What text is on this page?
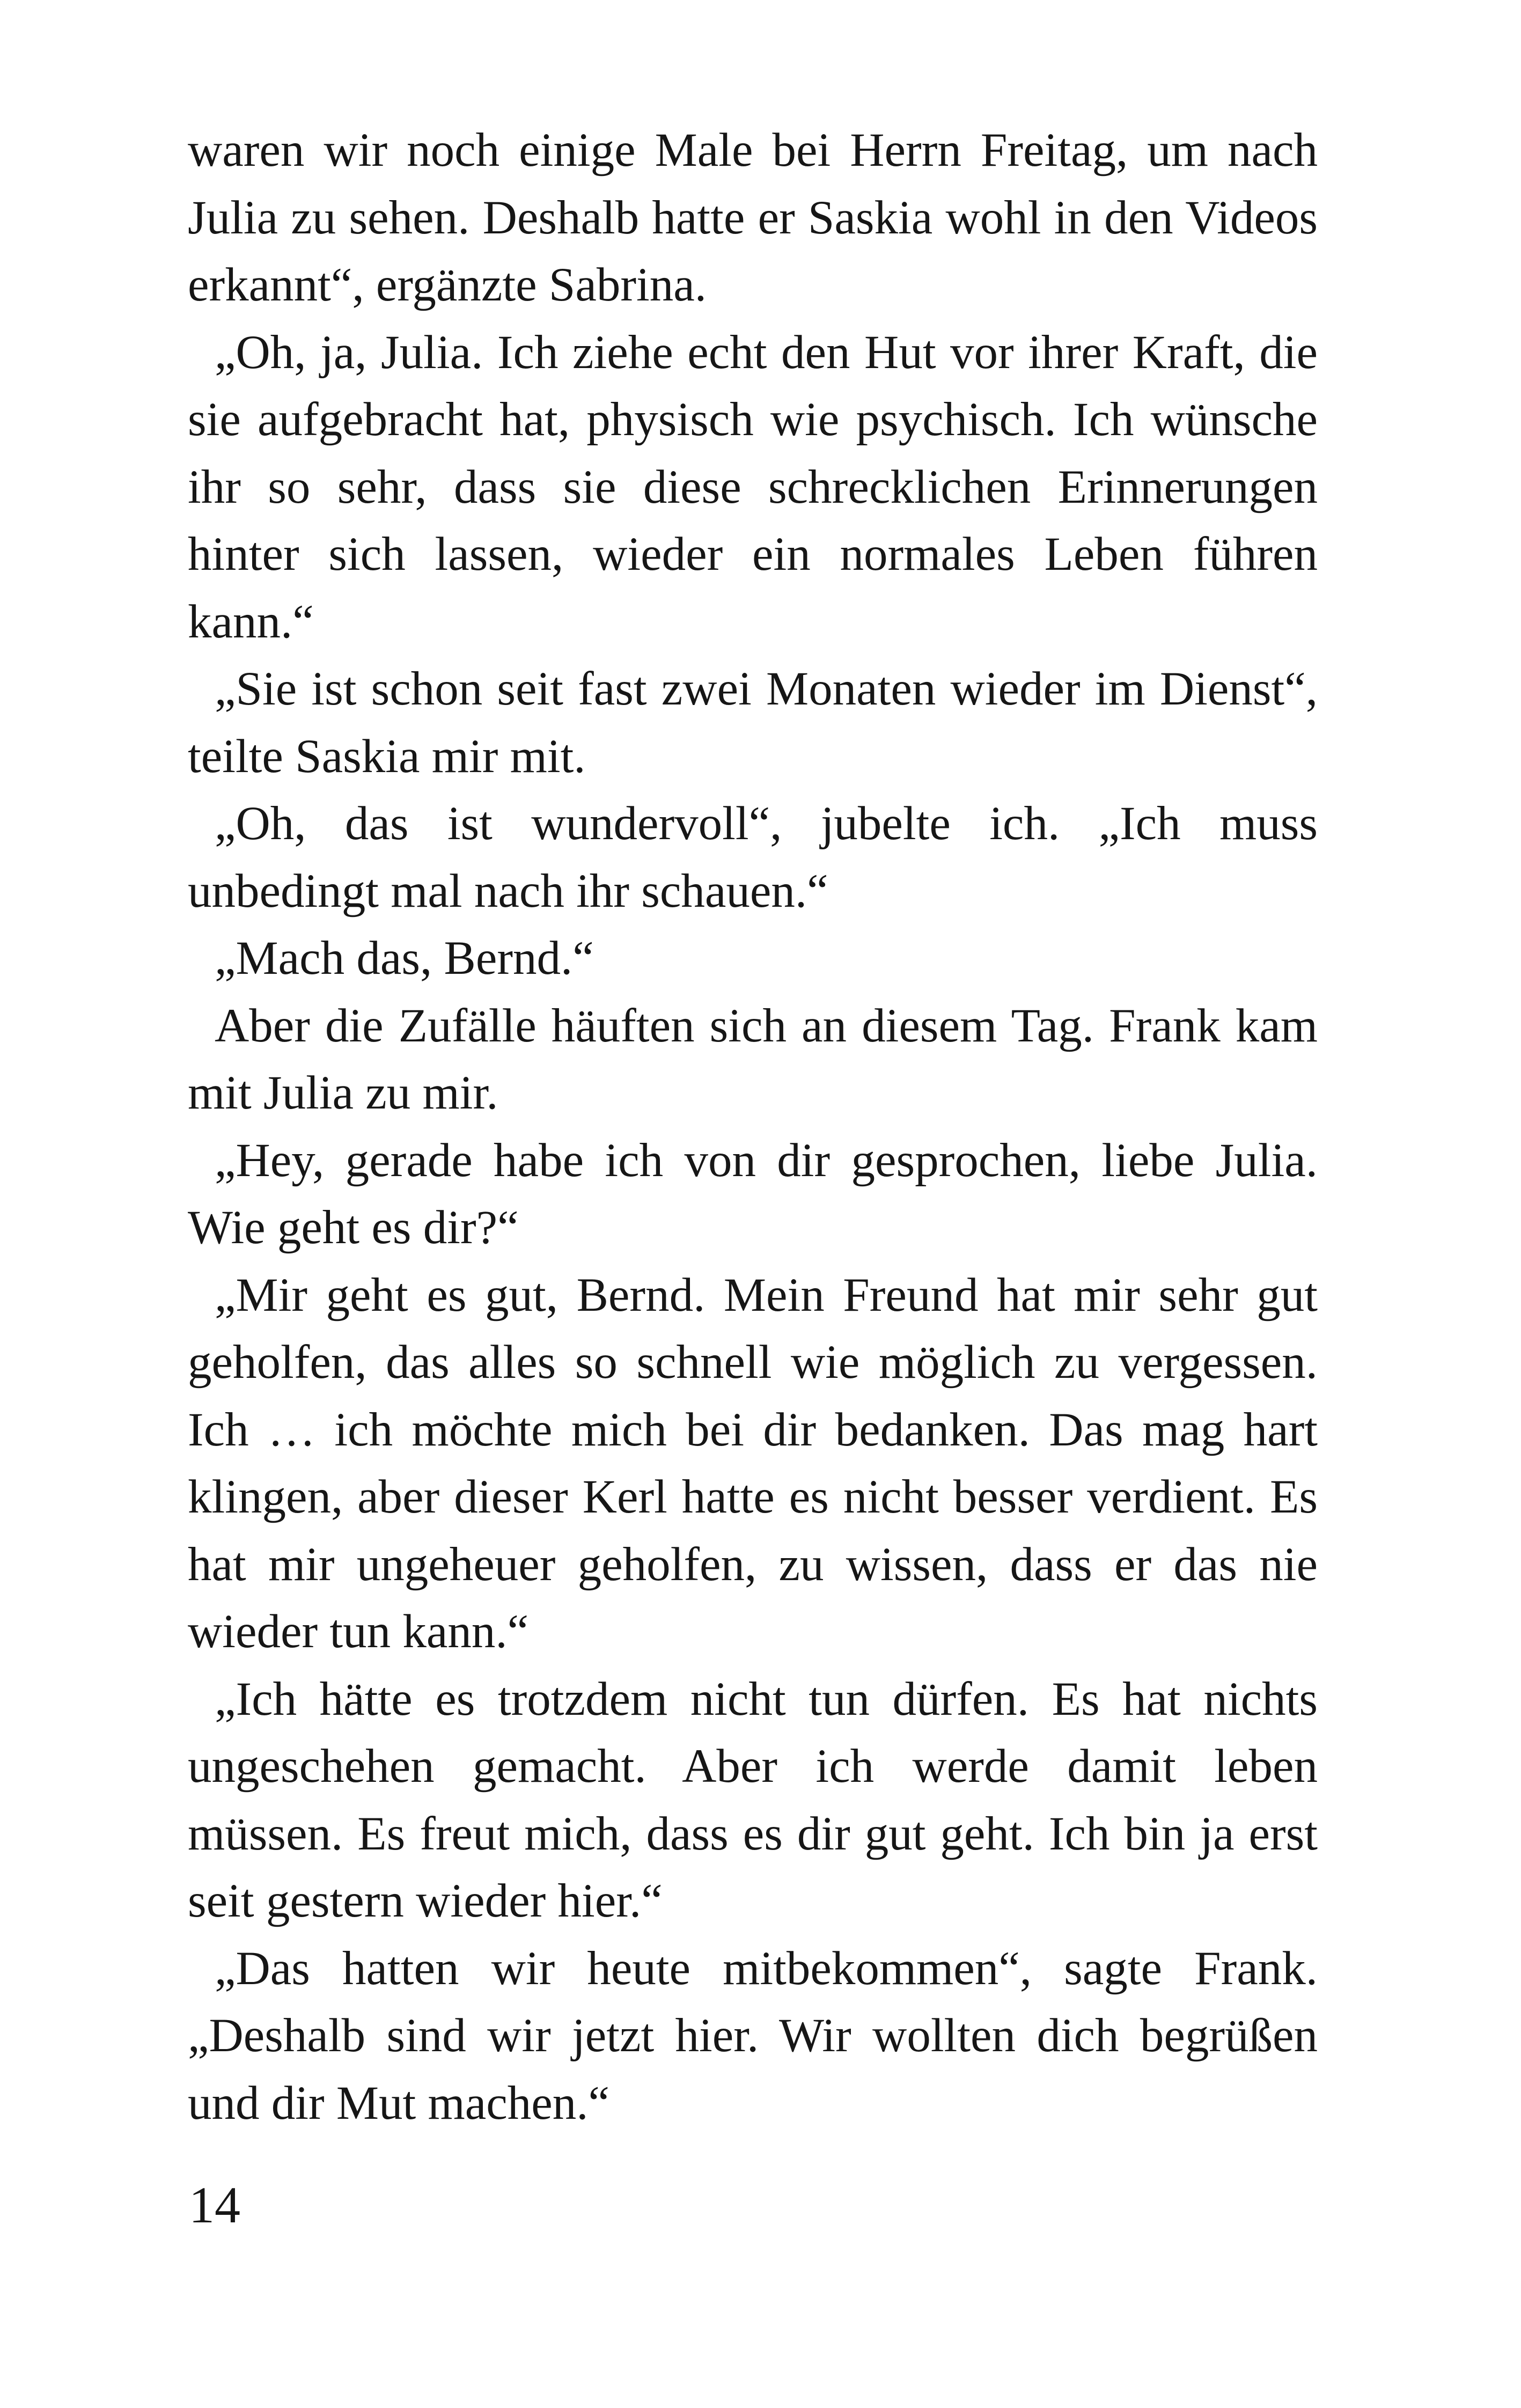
waren wir noch einige Male bei Herrn Freitag, um nach Julia zu sehen. Deshalb hatte er Saskia wohl in den Videos erkannt“, ergänzte Sabrina.

„Oh, ja, Julia. Ich ziehe echt den Hut vor ihrer Kraft, die sie aufgebracht hat, physisch wie psychisch. Ich wünsche ihr so sehr, dass sie diese schrecklichen Erinnerungen hinter sich lassen, wieder ein normales Leben führen kann.“

„Sie ist schon seit fast zwei Monaten wieder im Dienst“, teilte Saskia mir mit.

„Oh, das ist wundervoll“, jubelte ich. „Ich muss unbedingt mal nach ihr schauen.“

„Mach das, Bernd.“

Aber die Zufälle häuften sich an diesem Tag. Frank kam mit Julia zu mir.

„Hey, gerade habe ich von dir gesprochen, liebe Julia. Wie geht es dir?“

„Mir geht es gut, Bernd. Mein Freund hat mir sehr gut geholfen, das alles so schnell wie möglich zu vergessen. Ich … ich möchte mich bei dir bedanken. Das mag hart klingen, aber dieser Kerl hatte es nicht besser verdient. Es hat mir ungeheuer geholfen, zu wissen, dass er das nie wieder tun kann.“

„Ich hätte es trotzdem nicht tun dürfen. Es hat nichts ungeschehen gemacht. Aber ich werde damit leben müssen. Es freut mich, dass es dir gut geht. Ich bin ja erst seit gestern wieder hier.“

„Das hatten wir heute mitbekommen“, sagte Frank. „Deshalb sind wir jetzt hier. Wir wollten dich begrüßen und dir Mut machen.“

14
